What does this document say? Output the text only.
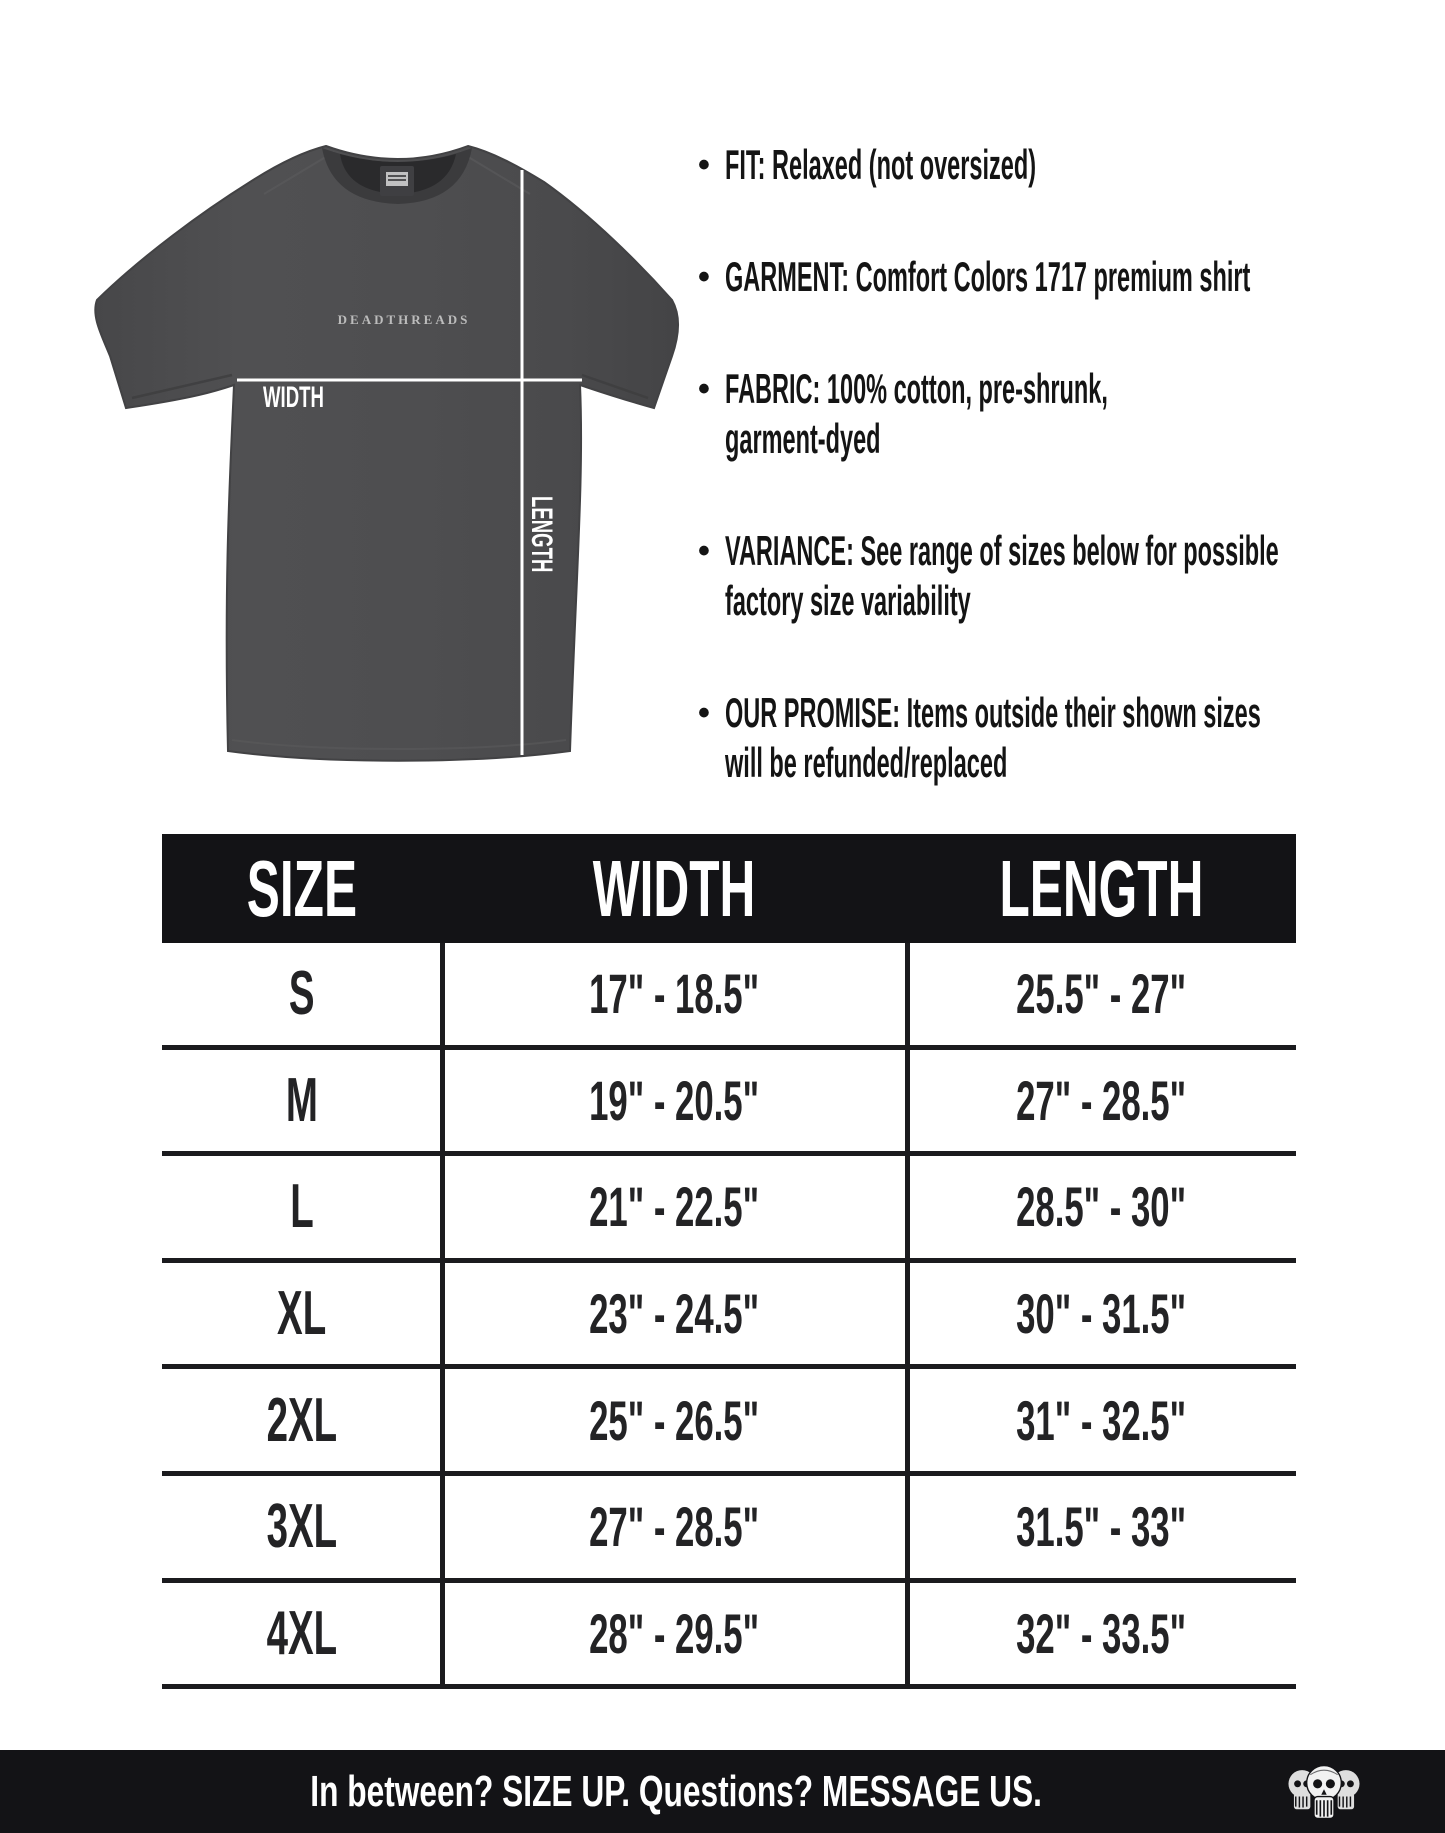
DEADTHREADS
WIDTH
LENGTH
• FIT: Relaxed (not oversized)
• GARMENT: Comfort Colors 1717 premium shirt
• FABRIC: 100% cotton, pre-shrunk,
garment-dyed
• VARIANCE: See range of sizes below for possible
factory size variability
• OUR PROMISE: Items outside their shown sizes
will be refunded/replaced
SIZE	WIDTH	LENGTH
S	17" - 18.5"	25.5" - 27"
M	19" - 20.5"	27" - 28.5"
L	21" - 22.5"	28.5" - 30"
XL	23" - 24.5"	30" - 31.5"
2XL	25" - 26.5"	31" - 32.5"
3XL	27" - 28.5"	31.5" - 33"
4XL	28" - 29.5"	32" - 33.5"
In between? SIZE UP. Questions? MESSAGE US.
